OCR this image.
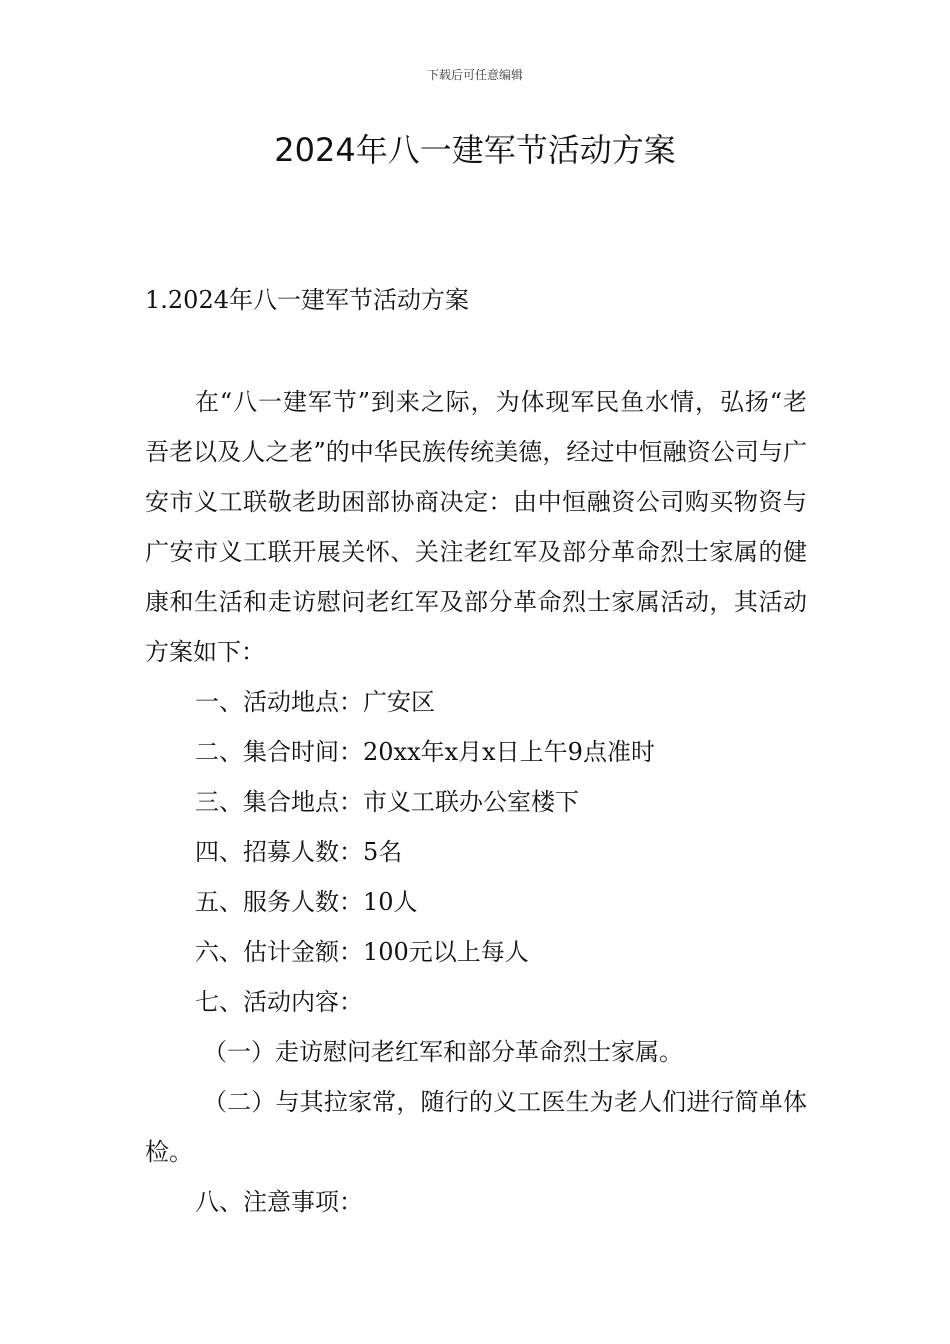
下载后可任意编辑
2024年八一建军节活动方案
1.2024年八一建军节活动方案

在“八一建军节”到来之际，为体现军民鱼水情，弘扬“老吾老以及人之老”的中华民族传统美德，经过中恒融资公司与广安市义工联敬老助困部协商决定：由中恒融资公司购买物资与广安市义工联开展关怀、关注老红军及部分革命烈士家属的健康和生活和走访慰问老红军及部分革命烈士家属活动，其活动方案如下：

一、活动地点：广安区

二、集合时间：20xx年x月x日上午9点准时

三、集合地点：市义工联办公室楼下

四、招募人数：5名

五、服务人数：10人

六、估计金额：100元以上每人

七、活动内容：

（一）走访慰问老红军和部分革命烈士家属。

（二）与其拉家常，随行的义工医生为老人们进行简单体检。

八、注意事项：
